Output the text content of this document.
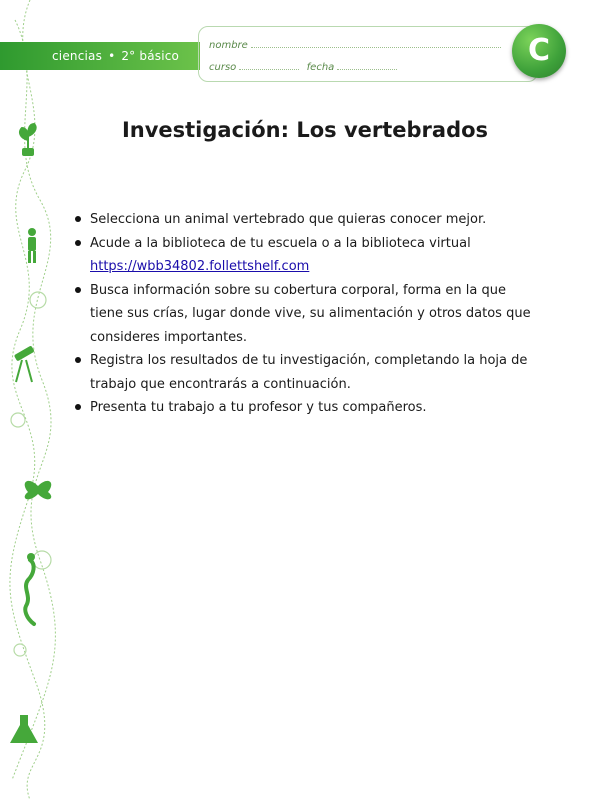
ciencias • 2° básico
nombre
curso	fecha	C
Investigación: Los vertebrados
Selecciona un animal vertebrado que quieras conocer mejor.
Acude a la biblioteca de tu escuela o a la biblioteca virtual
https://wbb34802.follettshelf.com
Busca información sobre su cobertura corporal, forma en la que tiene sus crías, lugar donde vive, su alimentación y otros datos que consideres importantes.
Registra los resultados de tu investigación, completando la hoja de trabajo que encontrarás a continuación.
Presenta tu trabajo a tu profesor y tus compañeros.
